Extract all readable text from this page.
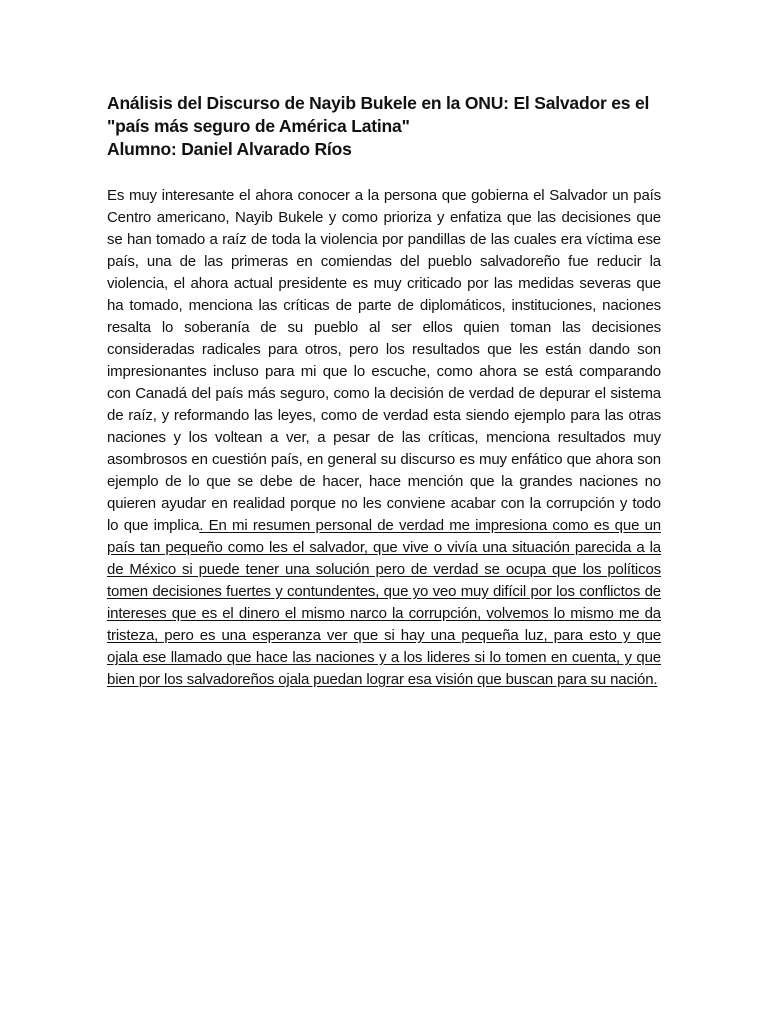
Análisis del Discurso de Nayib Bukele en la ONU: El Salvador es el
"país más seguro de América Latina"
Alumno: Daniel Alvarado Ríos

Es muy interesante el ahora conocer a la persona que gobierna el Salvador un país Centro americano, Nayib Bukele y como prioriza y enfatiza que las decisiones que se han tomado a raíz de toda la violencia por pandillas de las cuales era víctima ese país, una de las primeras en comiendas del pueblo salvadoreño fue reducir la violencia, el ahora actual presidente es muy criticado por las medidas severas que ha tomado, menciona las críticas de parte de diplomáticos, instituciones, naciones resalta lo soberanía de su pueblo al ser ellos quien toman las decisiones consideradas radicales para otros, pero los resultados que les están dando son impresionantes incluso para mi que lo escuche, como ahora se está comparando con Canadá del país más seguro, como la decisión de verdad de depurar el sistema de raíz, y reformando las leyes, como de verdad esta siendo ejemplo para las otras naciones y los voltean a ver, a pesar de las críticas, menciona resultados muy asombrosos en cuestión país, en general su discurso es muy enfático que ahora son ejemplo de lo que se debe de hacer, hace mención que la grandes naciones no quieren ayudar en realidad porque no les conviene acabar con la corrupción y todo lo que implica. En mi resumen personal de verdad me impresiona como es que un país tan pequeño como les el salvador, que vive o vivía una situación parecida a la de México si puede tener una solución pero de verdad se ocupa que los políticos tomen decisiones fuertes y contundentes, que yo veo muy difícil por los conflictos de intereses que es el dinero el mismo narco la corrupción, volvemos lo mismo me da tristeza, pero es una esperanza ver que si hay una pequeña luz, para esto y que ojala ese llamado que hace las naciones y a los lideres si lo tomen en cuenta, y que bien por los salvadoreños ojala puedan lograr esa visión que buscan para su nación.
